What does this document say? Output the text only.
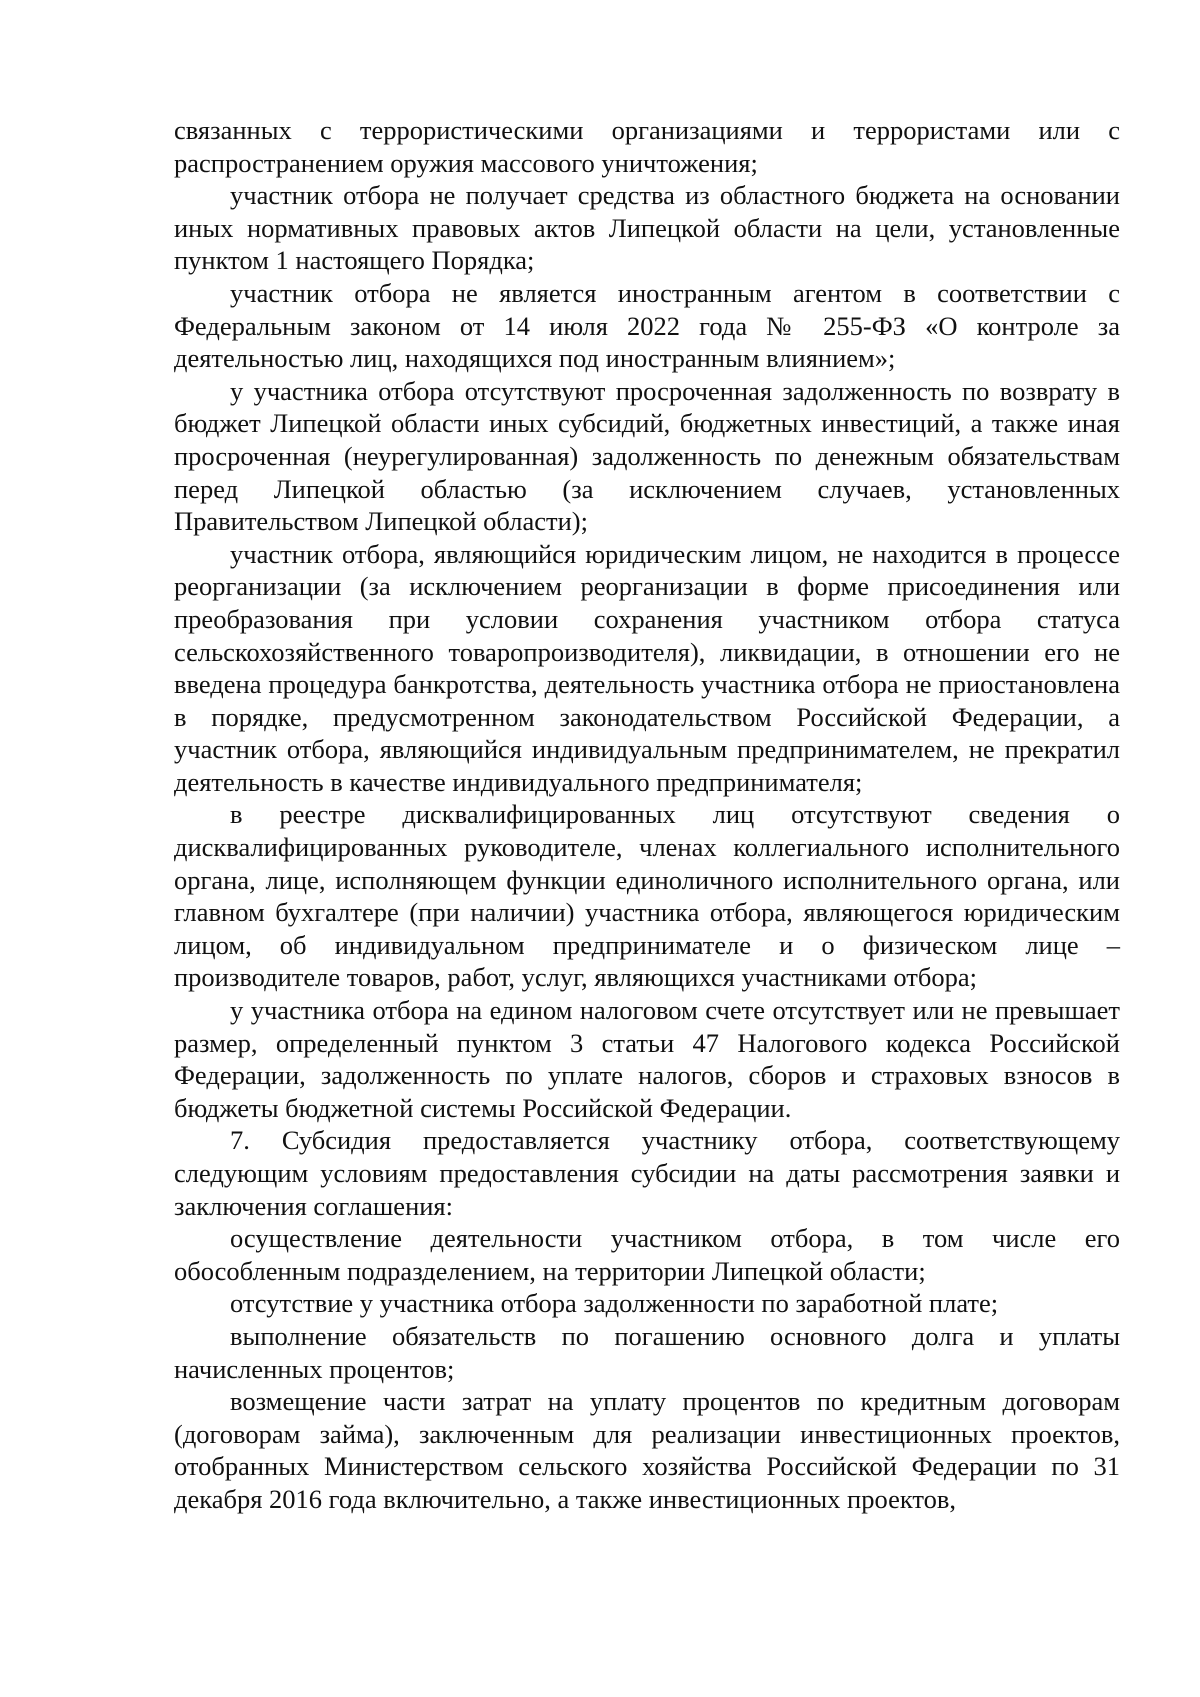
связанных с террористическими организациями и террористами или с распространением оружия массового уничтожения;

участник отбора не получает средства из областного бюджета на основании иных нормативных правовых актов Липецкой области на цели, установленные пунктом 1 настоящего Порядка;

участник отбора не является иностранным агентом в соответствии с Федеральным законом от 14 июля 2022 года № 255-ФЗ «О контроле за деятельностью лиц, находящихся под иностранным влиянием»;

у участника отбора отсутствуют просроченная задолженность по возврату в бюджет Липецкой области иных субсидий, бюджетных инвестиций, а также иная просроченная (неурегулированная) задолженность по денежным обязательствам перед Липецкой областью (за исключением случаев, установленных Правительством Липецкой области);

участник отбора, являющийся юридическим лицом, не находится в процессе реорганизации (за исключением реорганизации в форме присоединения или преобразования при условии сохранения участником отбора статуса сельскохозяйственного товаропроизводителя), ликвидации, в отношении его не введена процедура банкротства, деятельность участника отбора не приостановлена в порядке, предусмотренном законодательством Российской Федерации, а участник отбора, являющийся индивидуальным предпринимателем, не прекратил деятельность в качестве индивидуального предпринимателя;

в реестре дисквалифицированных лиц отсутствуют сведения о дисквалифицированных руководителе, членах коллегиального исполнительного органа, лице, исполняющем функции единоличного исполнительного органа, или главном бухгалтере (при наличии) участника отбора, являющегося юридическим лицом, об индивидуальном предпринимателе и о физическом лице – производителе товаров, работ, услуг, являющихся участниками отбора;

у участника отбора на едином налоговом счете отсутствует или не превышает размер, определенный пунктом 3 статьи 47 Налогового кодекса Российской Федерации, задолженность по уплате налогов, сборов и страховых взносов в бюджеты бюджетной системы Российской Федерации.

7. Субсидия предоставляется участнику отбора, соответствующему следующим условиям предоставления субсидии на даты рассмотрения заявки и заключения соглашения:

осуществление деятельности участником отбора, в том числе его обособленным подразделением, на территории Липецкой области;

отсутствие у участника отбора задолженности по заработной плате;

выполнение обязательств по погашению основного долга и уплаты начисленных процентов;

возмещение части затрат на уплату процентов по кредитным договорам (договорам займа), заключенным для реализации инвестиционных проектов, отобранных Министерством сельского хозяйства Российской Федерации по 31 декабря 2016 года включительно, а также инвестиционных проектов,
